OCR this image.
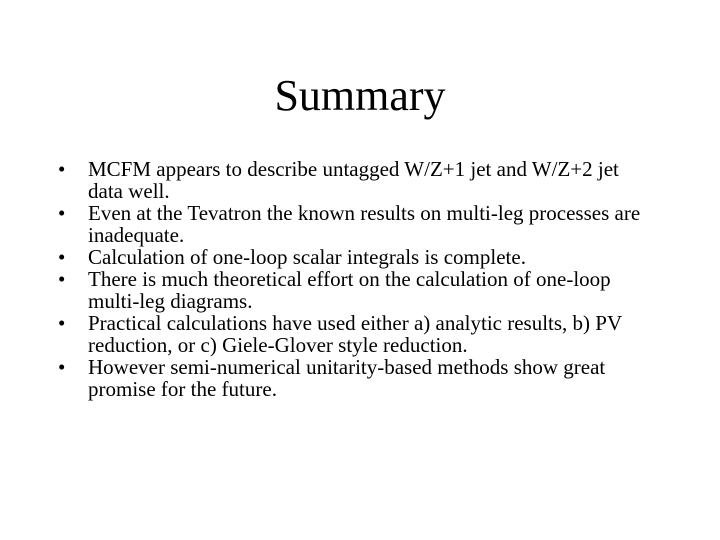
Summary
•	MCFM appears to describe untagged W/Z+1 jet and W/Z+2 jet data well.
•	Even at the Tevatron the known results on multi-leg processes are inadequate.
•	Calculation of one-loop scalar integrals is complete.
•	There is much theoretical effort on the calculation of one-loop multi-leg diagrams.
•	Practical calculations have used either a) analytic results, b) PV reduction, or c) Giele-Glover style reduction.
•	However semi-numerical unitarity-based methods show great promise for the future.
